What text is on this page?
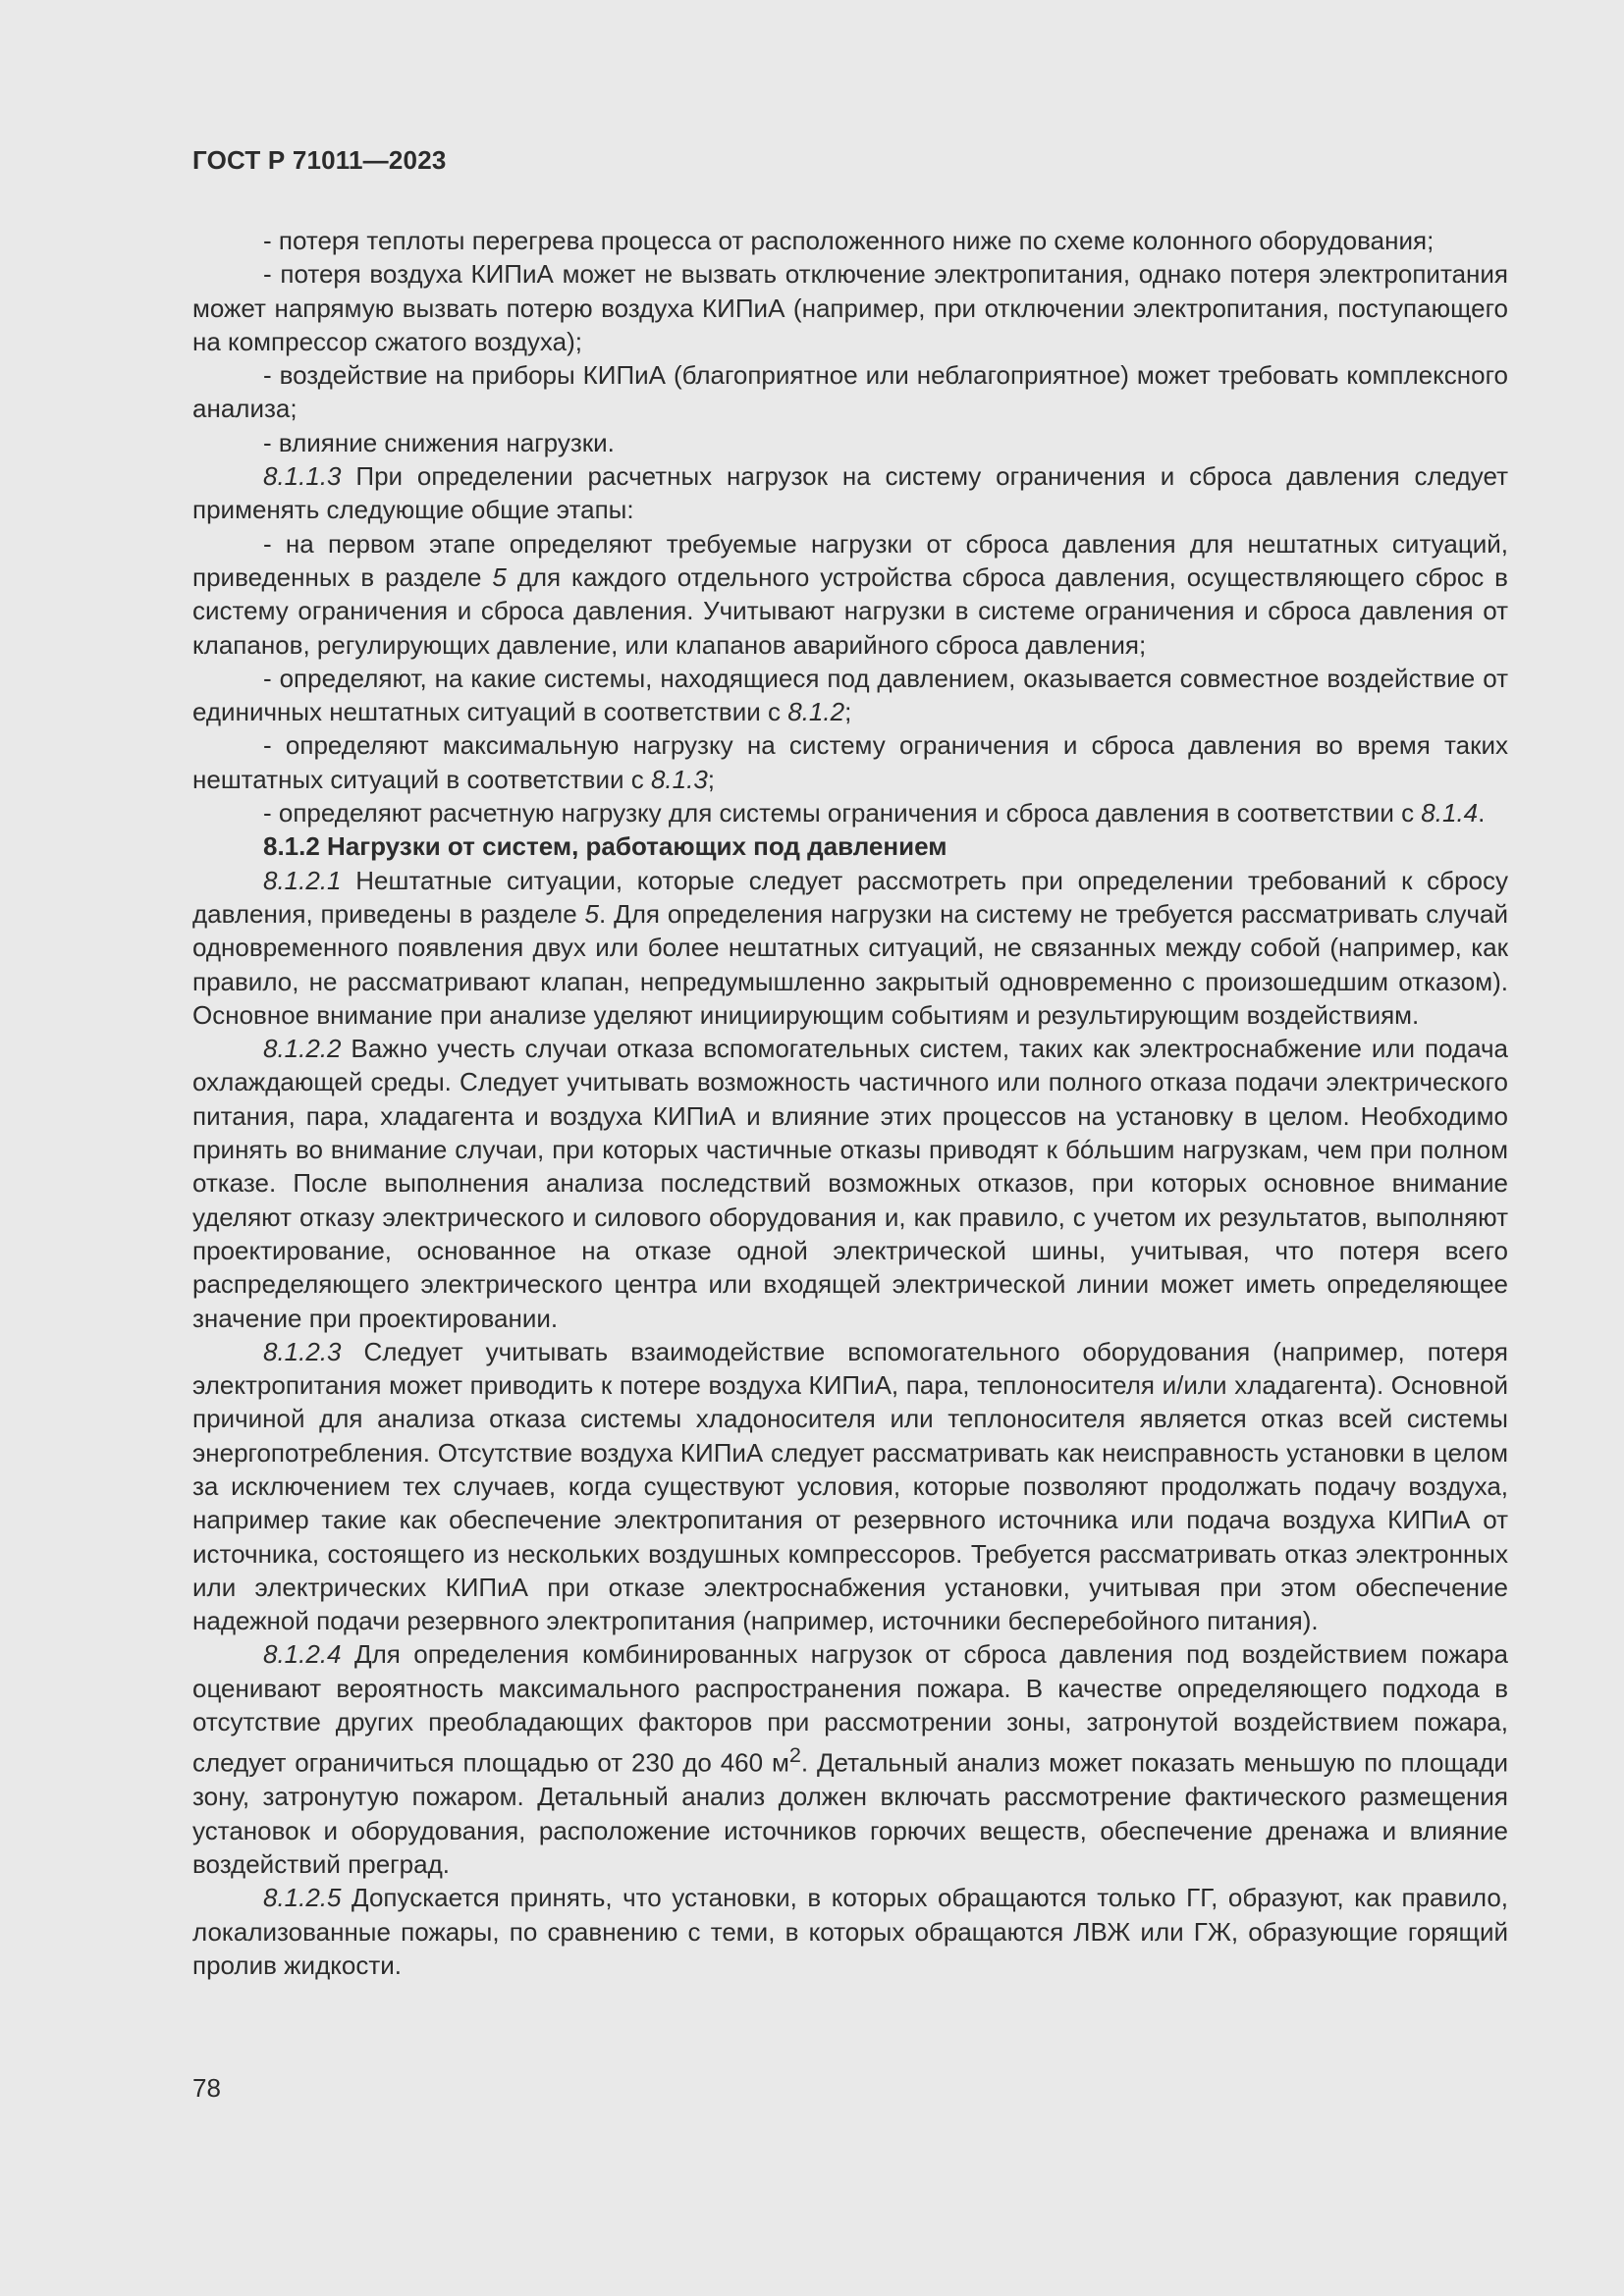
ГОСТ Р 71011—2023

- потеря теплоты перегрева процесса от расположенного ниже по схеме колонного оборудования;

- потеря воздуха КИПиА может не вызвать отключение электропитания, однако потеря электропитания может напрямую вызвать потерю воздуха КИПиА (например, при отключении электропитания, поступающего на компрессор сжатого воздуха);

- воздействие на приборы КИПиА (благоприятное или неблагоприятное) может требовать комплексного анализа;

- влияние снижения нагрузки.

8.1.1.3 При определении расчетных нагрузок на систему ограничения и сброса давления следует применять следующие общие этапы:

- на первом этапе определяют требуемые нагрузки от сброса давления для нештатных ситуаций, приведенных в разделе 5 для каждого отдельного устройства сброса давления, осуществляющего сброс в систему ограничения и сброса давления. Учитывают нагрузки в системе ограничения и сброса давления от клапанов, регулирующих давление, или клапанов аварийного сброса давления;

- определяют, на какие системы, находящиеся под давлением, оказывается совместное воздействие от единичных нештатных ситуаций в соответствии с 8.1.2;

- определяют максимальную нагрузку на систему ограничения и сброса давления во время таких нештатных ситуаций в соответствии с 8.1.3;

- определяют расчетную нагрузку для системы ограничения и сброса давления в соответствии с 8.1.4.

8.1.2 Нагрузки от систем, работающих под давлением

8.1.2.1 Нештатные ситуации, которые следует рассмотреть при определении требований к сбросу давления, приведены в разделе 5. Для определения нагрузки на систему не требуется рассматривать случай одновременного появления двух или более нештатных ситуаций, не связанных между собой (например, как правило, не рассматривают клапан, непредумышленно закрытый одновременно с произошедшим отказом). Основное внимание при анализе уделяют инициирующим событиям и результирующим воздействиям.

8.1.2.2 Важно учесть случаи отказа вспомогательных систем, таких как электроснабжение или подача охлаждающей среды. Следует учитывать возможность частичного или полного отказа подачи электрического питания, пара, хладагента и воздуха КИПиА и влияние этих процессов на установку в целом. Необходимо принять во внимание случаи, при которых частичные отказы приводят к бóльшим нагрузкам, чем при полном отказе. После выполнения анализа последствий возможных отказов, при которых основное внимание уделяют отказу электрического и силового оборудования и, как правило, с учетом их результатов, выполняют проектирование, основанное на отказе одной электрической шины, учитывая, что потеря всего распределяющего электрического центра или входящей электрической линии может иметь определяющее значение при проектировании.

8.1.2.3 Следует учитывать взаимодействие вспомогательного оборудования (например, потеря электропитания может приводить к потере воздуха КИПиА, пара, теплоносителя и/или хладагента). Основной причиной для анализа отказа системы хладоносителя или теплоносителя является отказ всей системы энергопотребления. Отсутствие воздуха КИПиА следует рассматривать как неисправность установки в целом за исключением тех случаев, когда существуют условия, которые позволяют продолжать подачу воздуха, например такие как обеспечение электропитания от резервного источника или подача воздуха КИПиА от источника, состоящего из нескольких воздушных компрессоров. Требуется рассматривать отказ электронных или электрических КИПиА при отказе электроснабжения установки, учитывая при этом обеспечение надежной подачи резервного электропитания (например, источники бесперебойного питания).

8.1.2.4 Для определения комбинированных нагрузок от сброса давления под воздействием пожара оценивают вероятность максимального распространения пожара. В качестве определяющего подхода в отсутствие других преобладающих факторов при рассмотрении зоны, затронутой воздействием пожара, следует ограничиться площадью от 230 до 460 $м^2$. Детальный анализ может показать меньшую по площади зону, затронутую пожаром. Детальный анализ должен включать рассмотрение фактического размещения установок и оборудования, расположение источников горючих веществ, обеспечение дренажа и влияние воздействий преград.

8.1.2.5 Допускается принять, что установки, в которых обращаются только ГГ, образуют, как правило, локализованные пожары, по сравнению с теми, в которых обращаются ЛВЖ или ГЖ, образующие горящий пролив жидкости.

78
